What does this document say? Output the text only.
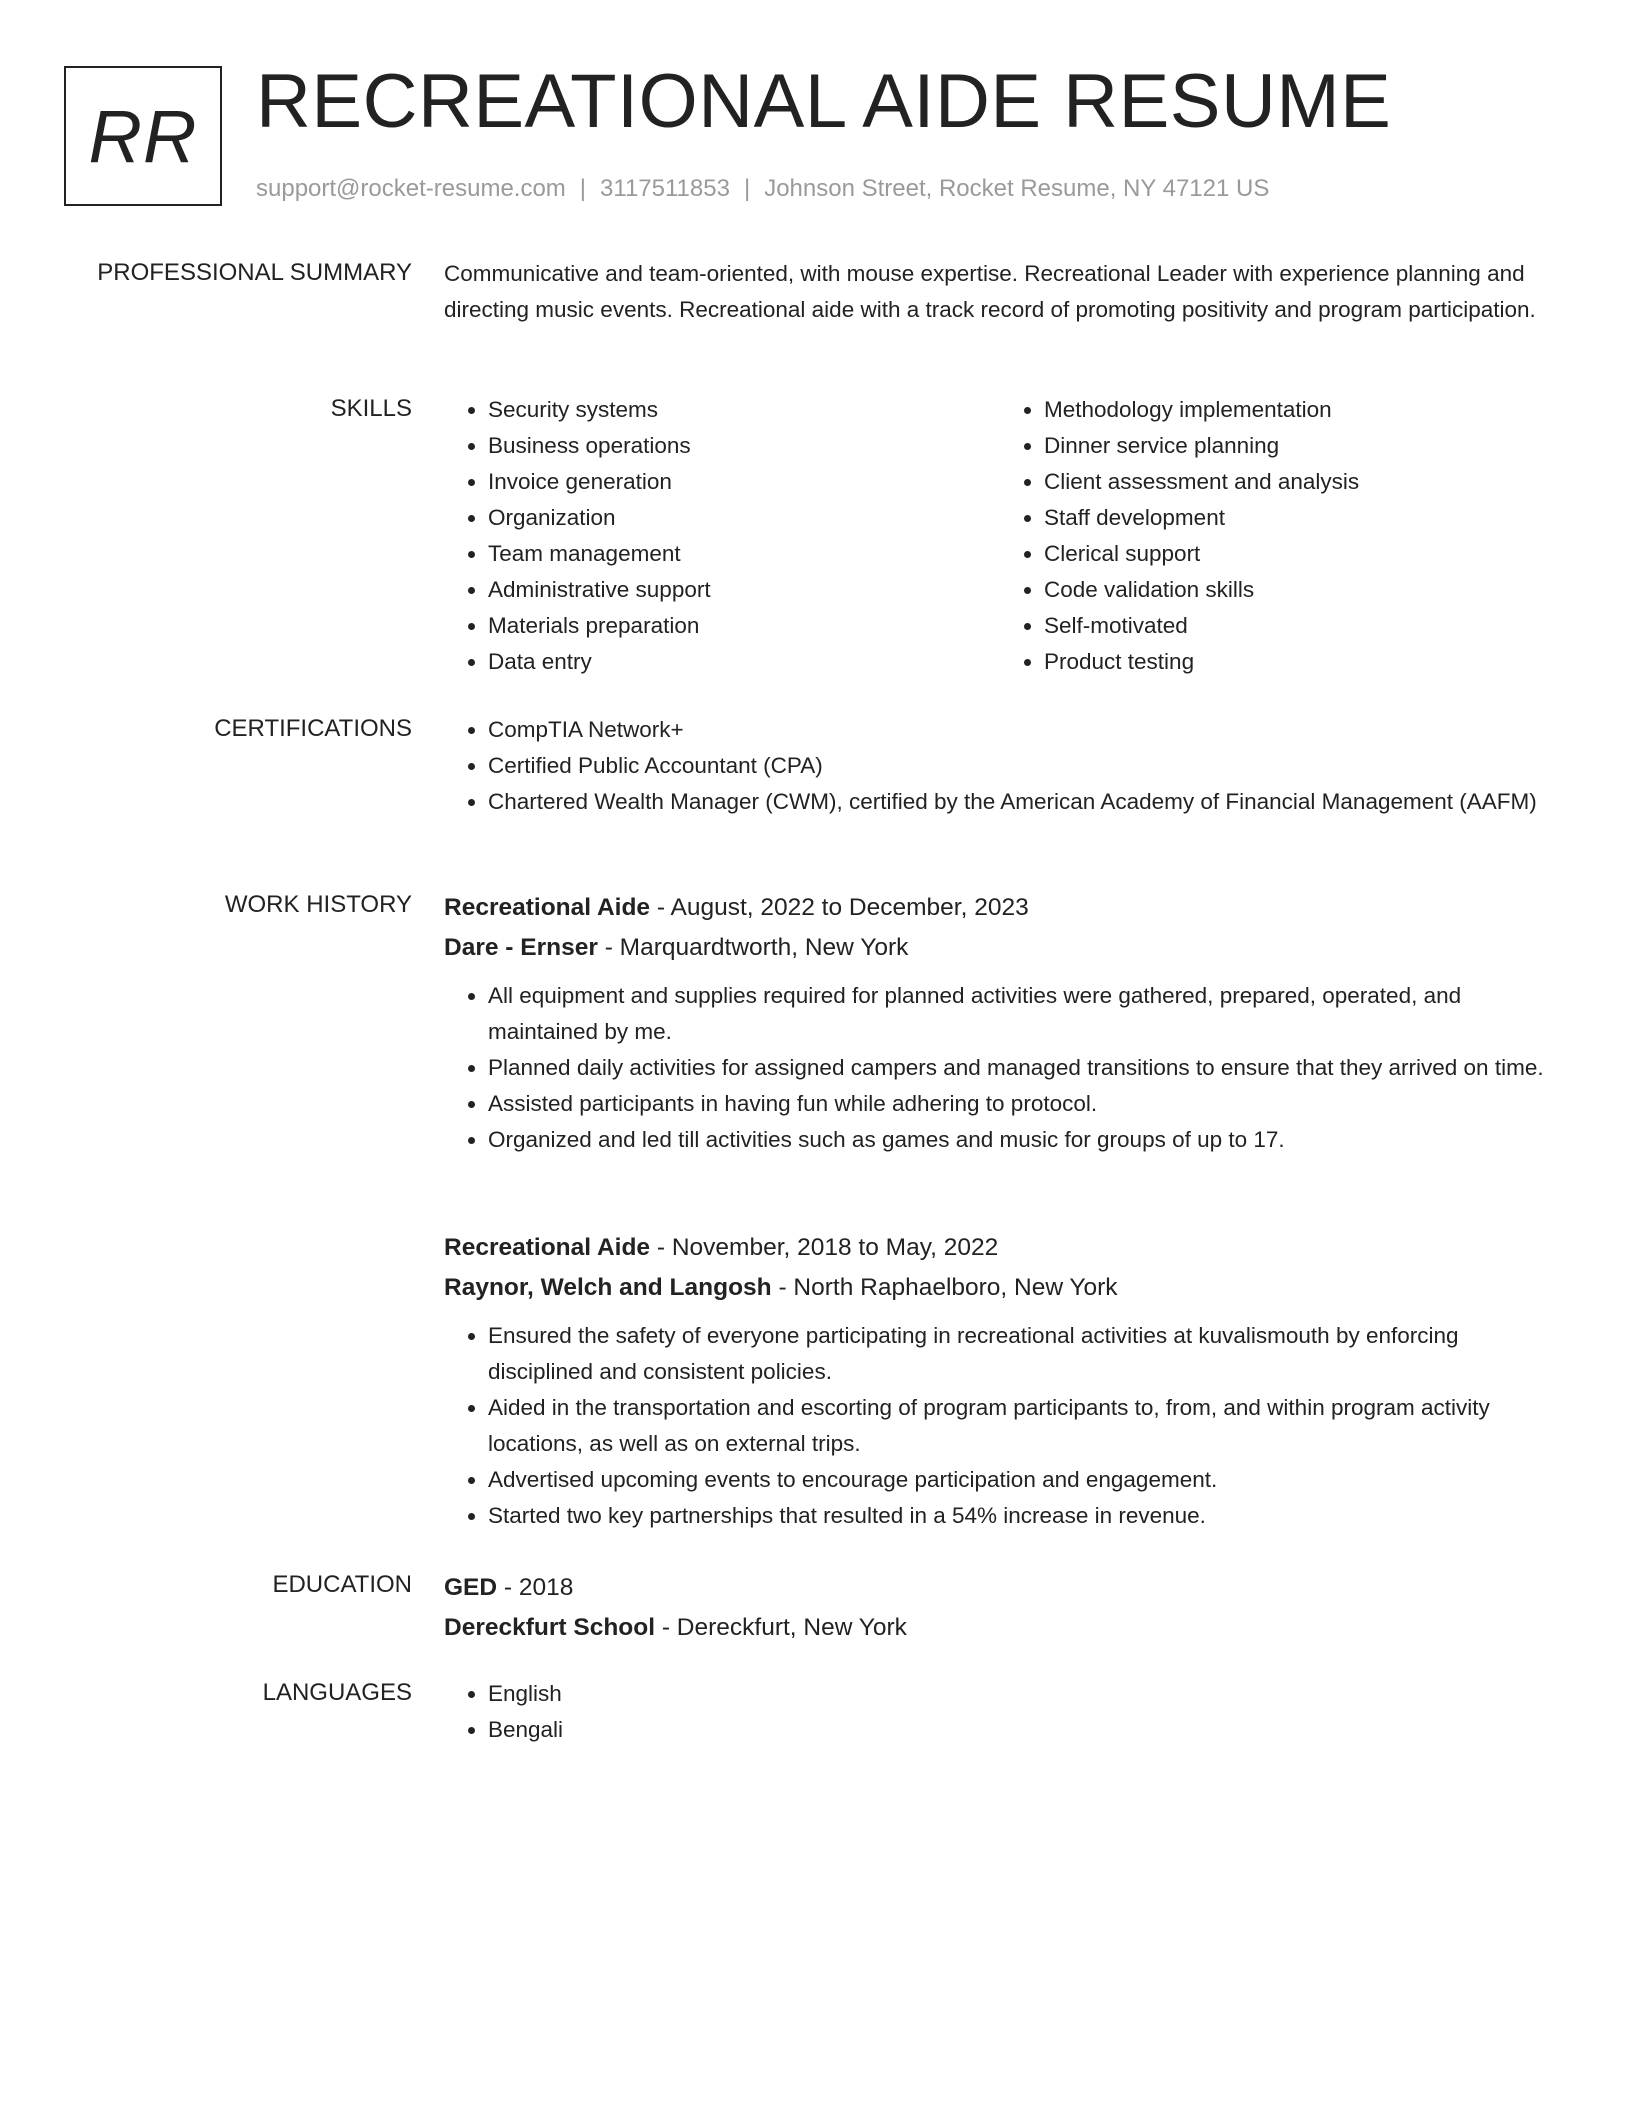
RR RECREATIONAL AIDE RESUME
support@rocket-resume.com | 3117511853 | Johnson Street, Rocket Resume, NY 47121 US
PROFESSIONAL SUMMARY Communicative and team-oriented, with mouse expertise. Recreational Leader with experience planning and directing music events. Recreational aide with a track record of promoting positivity and program participation.

SKILLS	• Security systems
• Business operations
• Invoice generation
• Organization
• Team management
• Administrative support
• Materials preparation
• Data entry
• Methodology implementation
• Dinner service planning
• Client assessment and analysis
• Staff development
• Clerical support
• Code validation skills
• Self-motivated
• Product testing
CERTIFICATIONS	• CompTIA Network+
• Certified Public Accountant (CPA)
• Chartered Wealth Manager (CWM), certified by the American Academy of Financial Management (AAFM)
WORK HISTORY Recreational Aide - August, 2022 to December, 2023
Dare - Ernser - Marquardtworth, New York
• All equipment and supplies required for planned activities were gathered, prepared, operated, and maintained by me.
• Planned daily activities for assigned campers and managed transitions to ensure that they arrived on time.
• Assisted participants in having fun while adhering to protocol.
• Organized and led till activities such as games and music for groups of up to 17.
Recreational Aide - November, 2018 to May, 2022
Raynor, Welch and Langosh - North Raphaelboro, New York
• Ensured the safety of everyone participating in recreational activities at kuvalismouth by enforcing disciplined and consistent policies.
• Aided in the transportation and escorting of program participants to, from, and within program activity locations, as well as on external trips.
• Advertised upcoming events to encourage participation and engagement.
• Started two key partnerships that resulted in a 54% increase in revenue.
EDUCATION GED - 2018
Dereckfurt School - Dereckfurt, New York
LANGUAGES	• English
• Bengali
